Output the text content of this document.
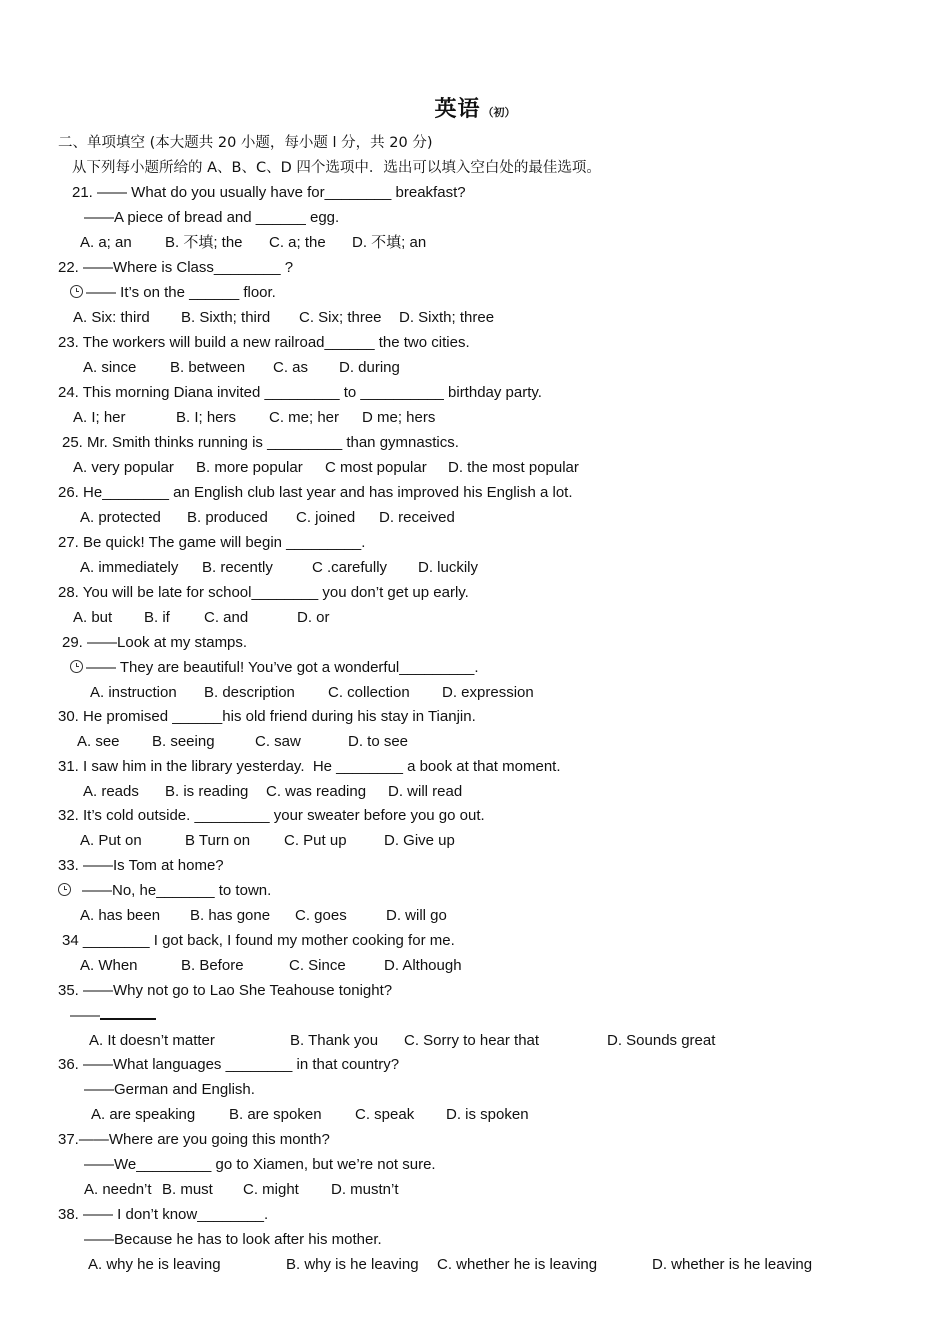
英语 （初）
二、单项填空 (本大题共 20 小题，每小题 l 分，共 20 分)
从下列每小题所给的 A、B、C、D 四个选项中．选出可以填入空白处的最佳选项。
21. —— What do you usually have for________ breakfast?
——A piece of bread and ______ egg.
A. a; an B. 不填; the C. a; the D. 不填; an
22. ——Where is Class________ ?
—— It’s on the ______ floor.
A. Six: third B. Sixth; third C. Six; three D. Sixth; three
23. The workers will build a new railroad______ the two cities.
A. since B. between C. as D. during
24. This morning Diana invited _________ to __________ birthday party.
A. I; her	B. I; hers C. me; her D me; hers
25. Mr. Smith thinks running is _________ than gymnastics.
A. very popular B. more popular C most popular D. the most popular
26. He________ an English club last year and has improved his English a lot.
A. protected B. produced C. joined D. received
27. Be quick! The game will begin _________.
A. immediately B. recently	C .carefully D. luckily
28. You will be late for school________ you don’t get up early.
A. but B. if C. and	D. or
29. ——Look at my stamps.
—— They are beautiful! You’ve got a wonderful_________.
A. instruction B. description C. collection D. expression
30. He promised ______his old friend during his stay in Tianjin.
A. see B. seeing	C. saw	D. to see
31. I saw him in the library yesterday.  He ________ a book at that moment.
A. reads B. is reading C. was reading D. will read
32. It’s cold outside. _________ your sweater before you go out.
A. Put on	B Turn on C. Put up D. Give up
33. ——Is Tom at home?
——No, he_______ to town.
A. has been B. has gone C. goes	D. will go
34 ________ I got back, I found my mother cooking for me.
A. When	B. Before	C. Since	D. Although
35. ——Why not go to Lao She Teahouse tonight?
——
A. It doesn’t matter	B. Thank you C. Sorry to hear that	D. Sounds great
36. ——What languages ________ in that country?
——German and English.
A. are speaking B. are spoken C. speak D. is spoken
37.——Where are you going this month?
——We_________ go to Xiamen, but we’re not sure.
A. needn’t B. must C. might D. mustn’t
38. —— I don’t know________.
——Because he has to look after his mother.
A. why he is leaving	B. why is he leaving C. whether he is leaving	D. whether is he leaving
